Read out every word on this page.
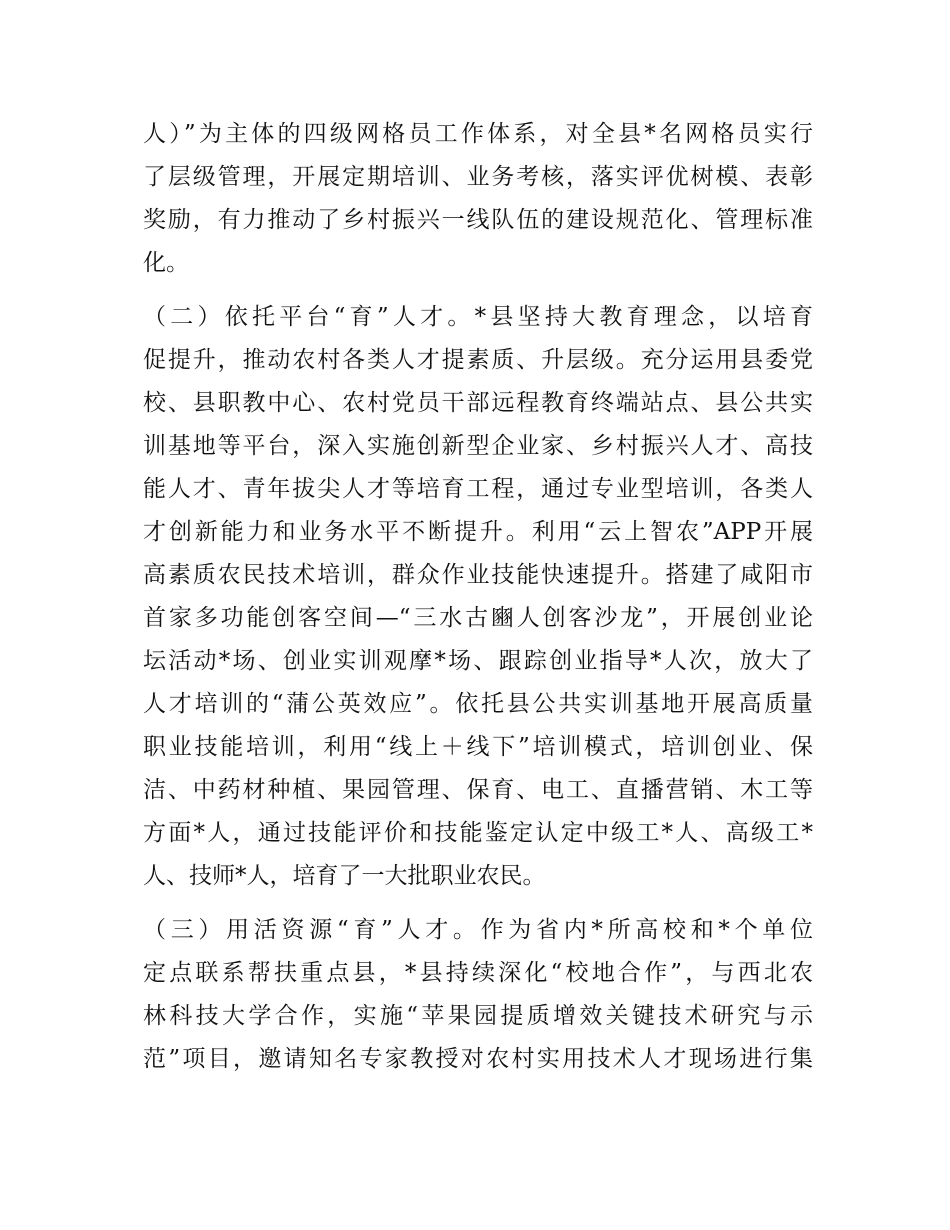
人）”为主体的四级网格员工作体系，对全县*名网格员实行
了层级管理，开展定期培训、业务考核，落实评优树模、表彰
奖励，有力推动了乡村振兴一线队伍的建设规范化、管理标准
化。
（二）依托平台“育”人才。*县坚持大教育理念，以培育
促提升，推动农村各类人才提素质、升层级。充分运用县委党
校、县职教中心、农村党员干部远程教育终端站点、县公共实
训基地等平台，深入实施创新型企业家、乡村振兴人才、高技
能人才、青年拔尖人才等培育工程，通过专业型培训，各类人
才创新能力和业务水平不断提升。利用“云上智农”APP开展
高素质农民技术培训，群众作业技能快速提升。搭建了咸阳市
首家多功能创客空间—“三水古豳人创客沙龙”，开展创业论
坛活动*场、创业实训观摩*场、跟踪创业指导*人次，放大了
人才培训的“蒲公英效应”。依托县公共实训基地开展高质量
职业技能培训，利用“线上＋线下”培训模式，培训创业、保
洁、中药材种植、果园管理、保育、电工、直播营销、木工等
方面*人，通过技能评价和技能鉴定认定中级工*人、高级工*
人、技师*人，培育了一大批职业农民。
（三）用活资源“育”人才。作为省内*所高校和*个单位
定点联系帮扶重点县，*县持续深化“校地合作”，与西北农
林科技大学合作，实施“苹果园提质增效关键技术研究与示
范”项目，邀请知名专家教授对农村实用技术人才现场进行集
